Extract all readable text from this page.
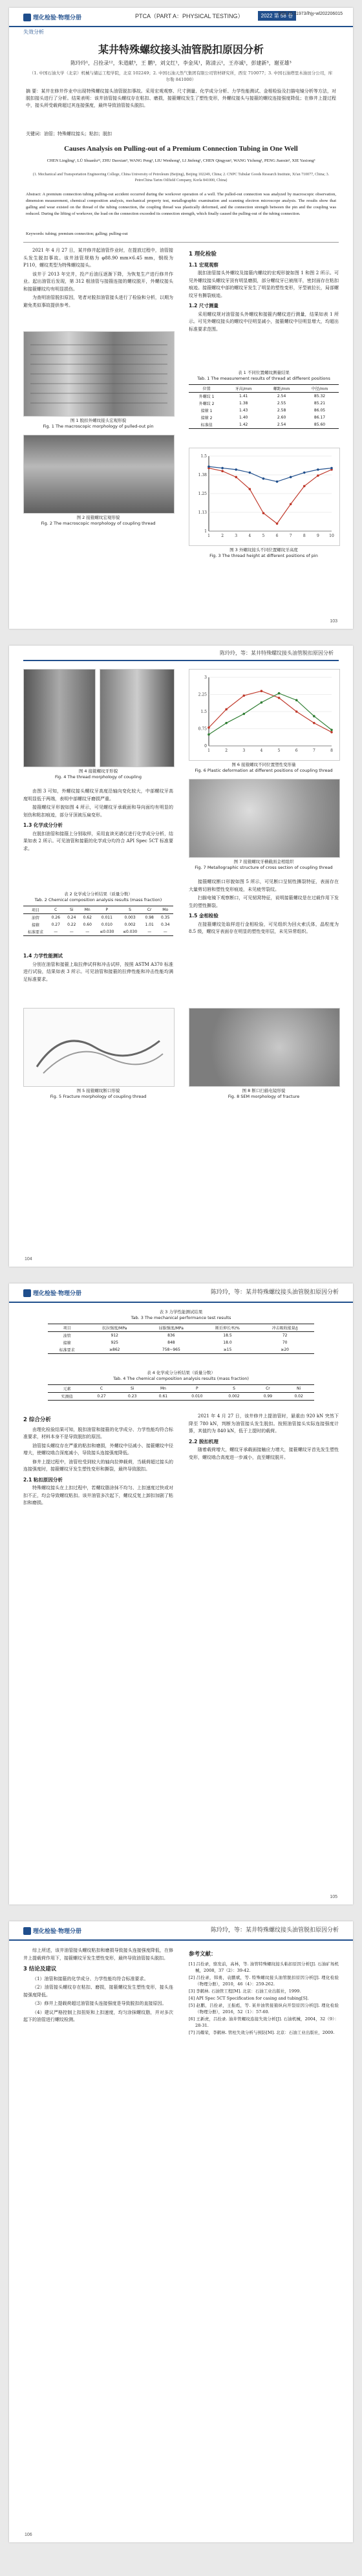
理化检验·物理分册	PTCA（PART A：PHYSICAL TESTING）	2022 第 58 卷
DOI:10.11973/lhjy-wl202206015
失效分析
某井特殊螺纹接头油管脱扣原因分析
陈玲玲¹，吕拴录¹²，朱道献³，王 鹏³，刘文红¹，李金凤¹，陈清云¹，王亦诚¹，彭建新³，谢亚雄³
（1. 中国石油大学（北京）机械与储运工程学院，北京 102249；2. 中国石油天然气集团有限公司管材研究所，西安 710077；3. 中国石油塔里木油田分公司，库尔勒 841000）
摘 要：某井在修井作业中出现特殊螺纹接头油管脱扣事故。采用宏观观察、尺寸测量、化学成分分析、力学性能测试、金相检验及扫描电镜分析等方法，对脱扣接头进行了分析。结果表明：该井油管接头螺纹存在粘扣、磨损，接箍螺纹发生了塑性变形，外螺纹接头与接箍的螺纹连接强度降低；在修井上提过程中，接头所受载荷超过其连接强度，最终导致油管接头脱扣。
关键词：油管；特殊螺纹接头；粘扣；脱扣
Causes Analysis on Pulling-out of a Premium Connection Tubing in One Well
CHEN Lingling¹, LÜ Shuanlu¹², ZHU Daoxian³, WANG Peng³, LIU Wenhong¹, LI Jinfeng¹, CHEN Qingyun¹, WANG Yicheng¹, PENG Jianxin³, XIE Yaxiong³
(1. Mechanical and Transportation Engineering College, China University of Petroleum (Beijing), Beijing 102249, China; 2. CNPC Tubular Goods Research Institute, Xi'an 710077, China; 3. PetroChina Tarim Oilfield Company, Korla 841000, China)
Abstract: A premium connection tubing pulling-out accident occurred during the workover operation of a well. The pulled-out connection was analyzed by macroscopic observation, dimension measurement, chemical composition analysis, mechanical property test, metallographic examination and scanning electron microscope analysis. The results show that galling and wear existed on the thread of the tubing connection, the coupling thread was plastically deformed, and the connection strength between the pin and the coupling was reduced. During the lifting of workover, the load on the connection exceeded its connection strength, which finally caused the pulling-out of the tubing connection.
Keywords: tubing; premium connection; galling; pulling-out

2021 年 4 月 27 日，某井修井起油管作业时，在提放过程中，油管接头发生脱扣事故。该井油管规格为 φ88.90 mm×6.45 mm，钢级为 P110，螺纹类型为特殊螺纹接头。

该井于 2013 年完井，投产后油压逐渐下降，为恢复生产进行修井作业。起出油管后发现，第 312 根油管与接箍连接的螺纹脱开，外螺纹接头和接箍螺纹均有明显损伤。

为查明油管脱扣原因，笔者对脱扣油管接头进行了检验和分析，以期为避免类似事故提供参考。

图 1 脱扣外螺纹接头宏观形貌
Fig. 1 The macroscopic morphology of pulled-out pin
图 2 接箍螺纹宏观形貌
Fig. 2 The macroscopic morphology of coupling thread
1 理化检验
1.1 宏观观察

脱扣油管接头外螺纹及接箍内螺纹的宏观形貌如图 1 和图 2 所示。可见外螺纹接头螺纹牙顶有明显磨损，部分螺纹牙已被削平，密封面存在粘扣痕迹。接箍螺纹中部的螺纹牙发生了明显的塑性变形，牙型被拉长，局部螺纹牙有撕裂痕迹。

1.2 尺寸测量

采用螺纹规对油管接头外螺纹和接箍内螺纹进行测量，结果如表 1 所示。可见外螺纹接头的螺纹中径明显减小，接箍螺纹中径明显增大，均超出标准要求范围。

表 1 不同位置螺纹测量结果
Tab. 1 The measurement results of thread at different positions
位置	牙高/mm	螺距/mm	中径/mm
外螺纹 1	1.41	2.54	85.32
外螺纹 2	1.38	2.55	85.21
接箍 1	1.43	2.58	86.05
接箍 2	1.40	2.60	86.17
标准值	1.42	2.54	85.60
1
1.13
1.25
1.38
1.5
1	2	3	4	5	6	7	8	9	10
图 3 外螺纹接头不同位置螺纹牙高度
Fig. 3 The thread height at different positions of pin
103
陈玲玲，等：某井特殊螺纹接头油管脱扣原因分析
图 4 接箍螺纹牙形貌
Fig. 4 The thread morphology of coupling

由图 3 可知，外螺纹接头螺纹牙高度沿轴向变化较大，中部螺纹牙高度明显低于两端，表明中部螺纹牙磨损严重。

接箍螺纹牙形貌如图 4 所示，可见螺纹牙承载面和导向面均有明显的划伤和粘扣痕迹，部分牙顶被压扁变形。

1.3 化学成分分析

在脱扣油管和接箍上分别取样，采用直读光谱仪进行化学成分分析，结果如表 2 所示。可见油管和接箍的化学成分均符合 API Spec 5CT 标准要求。

表 2 化学成分分析结果（质量分数）
Tab. 2 Chemical composition analysis results (mass fraction)
项目	C	Si	Mn	P	S	Cr	Mo
油管	0.26	0.24	0.62	0.011	0.003	0.98	0.35
接箍	0.27	0.22	0.60	0.010	0.002	1.01	0.34
标准要求	—	—	—	≤0.030	≤0.030	—	—
1.4 力学性能测试

分别在油管和接箍上取拉伸试样和冲击试样，按照 ASTM A370 标准进行试验，结果如表 3 所示。可见油管和接箍的拉伸性能和冲击性能均满足标准要求。

0
0.75
1.5
2.25
3
1	2	3	4	5	6	7	8
图 6 接箍螺纹不同位置塑性变形量
Fig. 6 Plastic deformation at different positions of coupling thread
图 7 接箍螺纹牙横截面金相组织
Fig. 7 Metallographic structure of cross section of coupling thread

接箍螺纹断口形貌如图 5 所示，可见断口呈韧性撕裂特征，表面存在大量剪切唇和塑性变形痕迹，未见疲劳裂纹。

扫描电镜下观察断口，可见韧窝特征，说明接箍螺纹是在过载作用下发生的塑性撕裂。

1.5 金相检验

在接箍螺纹处取样进行金相检验，可见组织为回火索氏体，晶粒度为 8.5 级，螺纹牙表面存在明显的塑性变形层，未见异常组织。

图 5 接箍螺纹断口形貌
Fig. 5 Fracture morphology of coupling thread
图 8 断口扫描电镜形貌
Fig. 8 SEM morphology of fracture
104
理化检验·物理分册	陈玲玲，等：某井特殊螺纹接头油管脱扣原因分析
表 3 力学性能测试结果
Tab. 3 The mechanical performance test results
项目	抗拉强度/MPa	屈服强度/MPa	断后伸长率/%	冲击吸收能量/J
油管	912	836	18.5	72
接箍	925	848	18.0	70
标准要求	≥862	758~965	≥15	≥20
表 4 化学成分分析结果（质量分数）
Tab. 4 The chemical composition analysis results (mass fraction)
元素	C	Si	Mn	P	S	Cr	Ni
实测值	0.27	0.23	0.61	0.010	0.002	0.99	0.02
2 综合分析

由理化检验结果可知，脱扣油管和接箍的化学成分、力学性能均符合标准要求，材料本身不是导致脱扣的原因。

油管接头螺纹存在严重的粘扣和磨损，外螺纹中径减小、接箍螺纹中径增大，使螺纹啮合深度减小，导致接头连接强度降低。

修井上提过程中，油管柱受到较大的轴向拉伸载荷，当载荷超过接头的连接强度时，接箍螺纹牙发生塑性变形和撕裂，最终导致脱扣。

2.1 粘扣原因分析

特殊螺纹接头在上扣过程中，若螺纹脂涂抹不均匀、上扣速度过快或对扣不正，均会导致螺纹粘扣。该井油管多次起下，螺纹反复上卸扣加剧了粘扣和磨损。

2021 年 4 月 27 日，该井修井上提油管时，悬重由 920 kN 突然下降至 780 kN，判断为油管接头发生脱扣。按照油管接头实际连接强度计算，其值约为 840 kN，低于上提时的载荷。

2.2 脱扣机理

随着载荷增大，螺纹牙承载面接触应力增大，接箍螺纹牙首先发生塑性变形，螺纹啮合高度进一步减小，直至螺纹脱开。

105
理化检验·物理分册	陈玲玲，等：某井特殊螺纹接头油管脱扣原因分析

综上所述，该井油管接头螺纹粘扣和磨损导致接头连接强度降低，在修井上提载荷作用下，接箍螺纹牙发生塑性变形，最终导致油管接头脱扣。

3 结论及建议

（1）油管和接箍的化学成分、力学性能均符合标准要求。

（2）油管接头螺纹存在粘扣、磨损，接箍螺纹发生塑性变形，接头连接强度降低。

（3）修井上提载荷超过油管接头连接强度是导致脱扣的直接原因。

（4）建议严格控制上扣扭矩和上扣速度，均匀涂抹螺纹脂，并对多次起下的油管进行螺纹检测。

参考文献：
[1] 吕拴录，骆发前，高林，等. 油管特殊螺纹接头粘扣原因分析[J]. 石油矿场机械，2008，37（2）：39-42.
[2] 吕拴录，韩勇，袁鹏斌，等. 特殊螺纹接头油管脱扣原因分析[J]. 理化检验（物理分册），2010，46（4）：259-262.
[3] 李鹤林. 石油管工程[M]. 北京：石油工业出版社，1999.
[4] API Spec 5CT Specification for casing and tubing[S].
[5] 赵鹏，吕拴录，王振彪，等. 某井油管接箍纵向开裂原因分析[J]. 理化检验（物理分册），2016，52（1）：57-60.
[6] 王新虎，吕拴录. 油井管螺纹连接失效分析[J]. 石油机械，2004，32（9）：28-31.
[7] 冯耀荣，李鹤林. 管柱失效分析与预防[M]. 北京：石油工业出版社，2009.
106
